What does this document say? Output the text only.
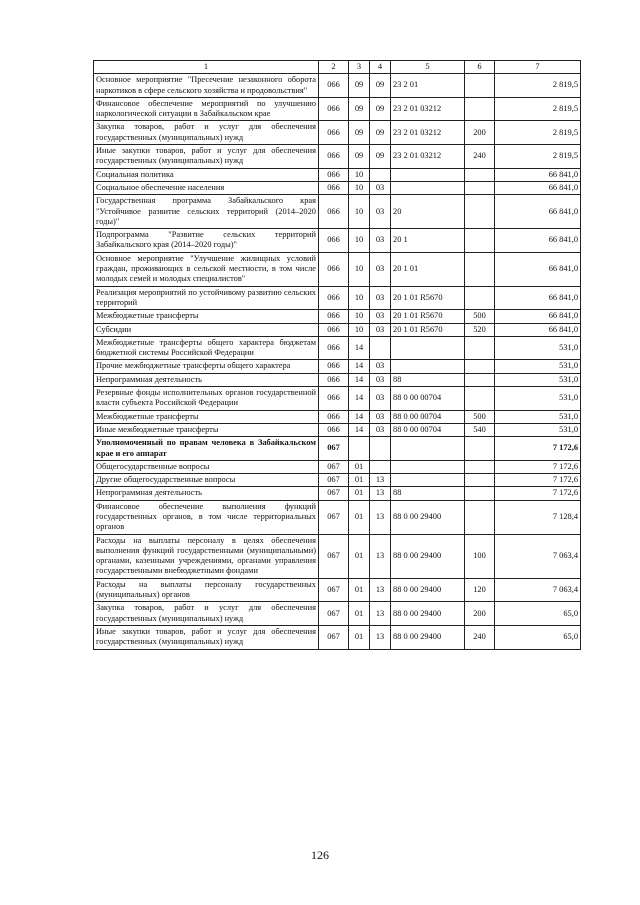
1	2	3	4	5	6	7
Основное мероприятие "Пресечение незаконного оборота наркотиков в сфере сельского хозяйства и продовольствия"	066	09	09	23 2 01		2 819,5
Финансовое обеспечение мероприятий по улучшению наркологической ситуации в Забайкальском крае	066	09	09	23 2 01 03212		2 819,5
Закупка товаров, работ и услуг для обеспечения государственных (муниципальных) нужд	066	09	09	23 2 01 03212	200	2 819,5
Иные закупки товаров, работ и услуг для обеспечения государственных (муниципальных) нужд	066	09	09	23 2 01 03212	240	2 819,5
Социальная политика	066	10				66 841,0
Социальное обеспечение населения	066	10	03			66 841,0
Государственная программа Забайкальского края "Устойчивое развитие сельских территорий (2014–2020 годы)"	066	10	03	20		66 841,0
Подпрограмма "Развитие сельских территорий Забайкальского края (2014–2020 годы)"	066	10	03	20 1		66 841,0
Основное мероприятие "Улучшение жилищных условий граждан, проживающих в сельской местности, в том числе молодых семей и молодых специалистов"	066	10	03	20 1 01		66 841,0
Реализация мероприятий по устойчивому развитию сельских территорий	066	10	03	20 1 01 R5670		66 841,0
Межбюджетные трансферты	066	10	03	20 1 01 R5670	500	66 841,0
Субсидии	066	10	03	20 1 01 R5670	520	66 841,0
Межбюджетные трансферты общего характера бюджетам бюджетной системы Российской Федерации	066	14				531,0
Прочие межбюджетные трансферты общего характера	066	14	03			531,0
Непрограммная деятельность	066	14	03	88		531,0
Резервные фонды исполнительных органов государственной власти субъекта Российской Федерации	066	14	03	88 0 00 00704		531,0
Межбюджетные трансферты	066	14	03	88 0 00 00704	500	531,0
Иные межбюджетные трансферты	066	14	03	88 0 00 00704	540	531,0
Уполномоченный по правам человека в Забайкальском крае и его аппарат	067					7 172,6
Общегосударственные вопросы	067	01				7 172,6
Другие общегосударственные вопросы	067	01	13			7 172,6
Непрограммная деятельность	067	01	13	88		7 172,6
Финансовое обеспечение выполнения функций государственных органов, в том числе территориальных органов	067	01	13	88 0 00 29400		7 128,4
Расходы на выплаты персоналу в целях обеспечения выполнения функций государственными (муниципальными) органами, казенными учреждениями, органами управления государственными внебюджетными фондами	067	01	13	88 0 00 29400	100	7 063,4
Расходы на выплаты персоналу государственных (муниципальных) органов	067	01	13	88 0 00 29400	120	7 063,4
Закупка товаров, работ и услуг для обеспечения государственных (муниципальных) нужд	067	01	13	88 0 00 29400	200	65,0
Иные закупки товаров, работ и услуг для обеспечения государственных (муниципальных) нужд	067	01	13	88 0 00 29400	240	65,0
126
